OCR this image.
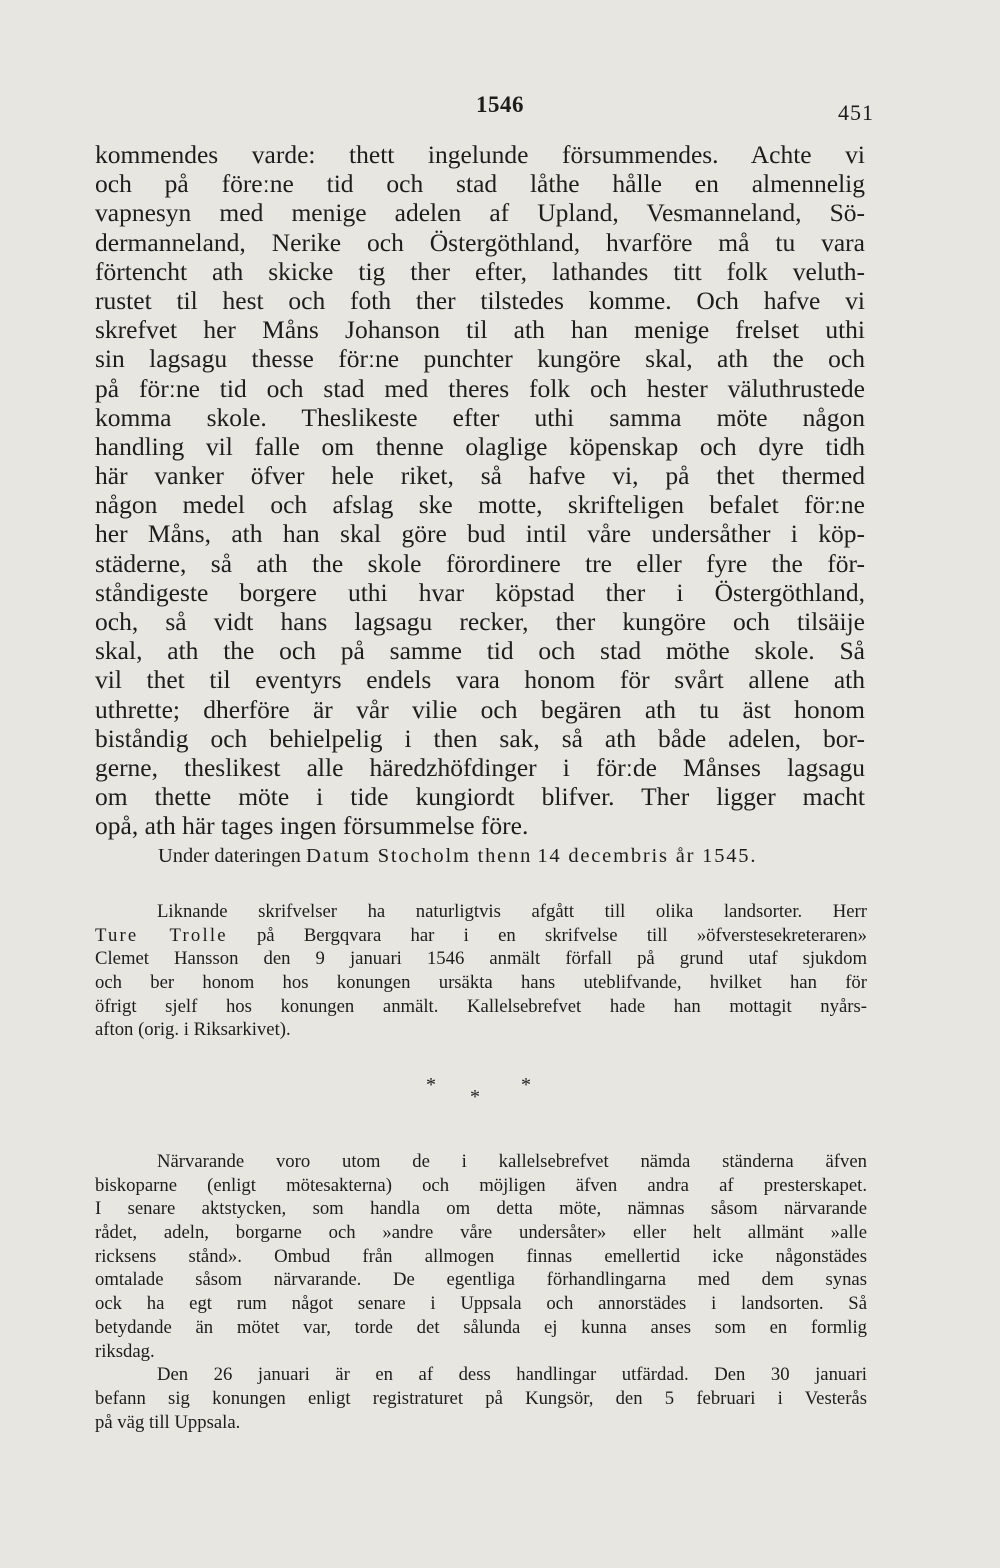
1546	451
kommendes varde: thett ingelunde försummendes. Achte vi
och på föreːne tid och stad låthe hålle en almennelig
vapnesyn med menige adelen af Upland, Vesmanneland, Sö-
dermanneland, Nerike och Östergöthland, hvarföre må tu vara
förtencht ath skicke tig ther efter, lathandes titt folk veluth-
rustet til hest och foth ther tilstedes komme. Och hafve vi
skrefvet her Måns Johanson til ath han menige frelset uthi
sin lagsagu thesse förːne punchter kungöre skal, ath the och
på förːne tid och stad med theres folk och hester väluthrustede
komma skole. Theslikeste efter uthi samma möte någon
handling vil falle om thenne olaglige köpenskap och dyre tidh
här vanker öfver hele riket, så hafve vi, på thet thermed
någon medel och afslag ske motte, skrifteligen befalet förːne
her Måns, ath han skal göre bud intil våre undersåther i köp-
städerne, så ath the skole förordinere tre eller fyre the för-
ståndigeste borgere uthi hvar köpstad ther i Östergöthland,
och, så vidt hans lagsagu recker, ther kungöre och tilsäije
skal, ath the och på samme tid och stad möthe skole. Så
vil thet til eventyrs endels vara honom för svårt allene ath
uthrette; dherföre är vår vilie och begären ath tu äst honom
biståndig och behielpelig i then sak, så ath både adelen, bor-
gerne, theslikest alle häredzhöfdinger i förːde Månses lagsagu
om thette möte i tide kungiordt blifver. Ther ligger macht
opå, ath här tages ingen försummelse före.
Under dateringen Datum Stocholm thenn 14 decembris år 1545.
Liknande skrifvelser ha naturligtvis afgått till olika landsorter. Herr
Ture Trolle på Bergqvara har i en skrifvelse till »öfverstesekreteraren»
Clemet Hansson den 9 januari 1546 anmält förfall på grund utaf sjukdom
och ber honom hos konungen ursäkta hans uteblifvande, hvilket han för
öfrigt sjelf hos konungen anmält. Kallelsebrefvet hade han mottagit nyårs-
afton (orig. i Riksarkivet).
*
*
*
Närvarande voro utom de i kallelsebrefvet nämda ständerna äfven
biskoparne (enligt mötesakterna) och möjligen äfven andra af presterskapet.
I senare aktstycken, som handla om detta möte, nämnas såsom närvarande
rådet, adeln, borgarne och »andre våre undersåter» eller helt allmänt »alle
ricksens stånd». Ombud från allmogen finnas emellertid icke någonstädes
omtalade såsom närvarande. De egentliga förhandlingarna med dem synas
ock ha egt rum något senare i Uppsala och annorstädes i landsorten. Så
betydande än mötet var, torde det sålunda ej kunna anses som en formlig
riksdag.
Den 26 januari är en af dess handlingar utfärdad. Den 30 januari
befann sig konungen enligt registraturet på Kungsör, den 5 februari i Vesterås
på väg till Uppsala.
